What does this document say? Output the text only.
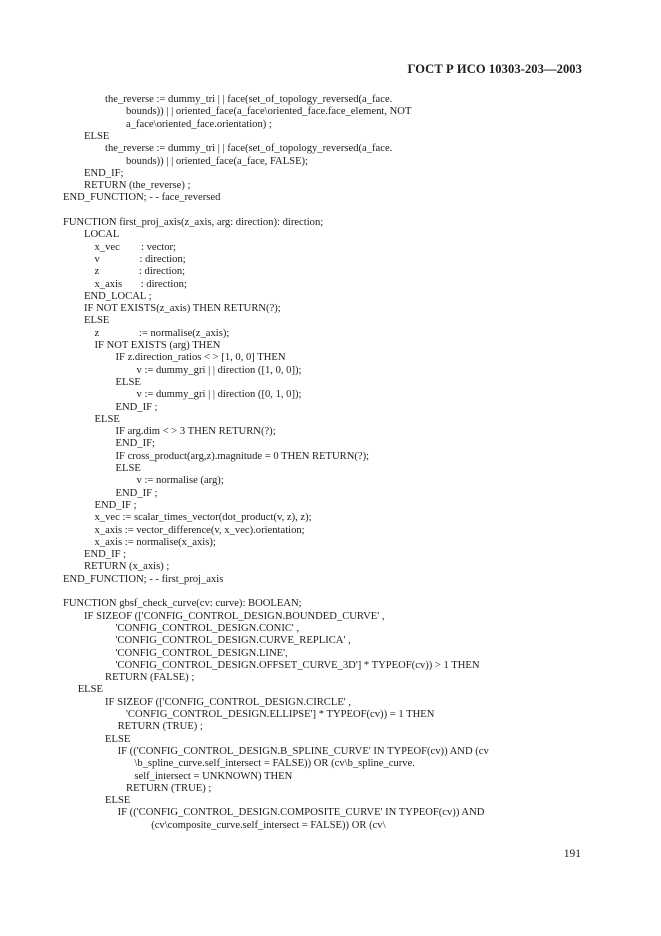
ГОСТ Р ИСО 10303-203—2003
the_reverse := dummy_tri | | face(set_of_topology_reversed(a_face.
bounds)) | | oriented_face(a_face\oriented_face.face_element, NOT
a_face\oriented_face.orientation) ;
ELSE
the_reverse := dummy_tri | | face(set_of_topology_reversed(a_face.
bounds)) | | oriented_face(a_face, FALSE);
END_IF;
RETURN (the_reverse) ;
END_FUNCTION; - - face_reversed
FUNCTION first_proj_axis(z_axis, arg: direction): direction;
LOCAL
x_vec        : vector;
v               : direction;
z               : direction;
x_axis       : direction;
END_LOCAL ;
IF NOT EXISTS(z_axis) THEN RETURN(?);
ELSE
z               := normalise(z_axis);
IF NOT EXISTS (arg) THEN
IF z.direction_ratios < > [1, 0, 0] THEN
v := dummy_gri | | direction ([1, 0, 0]);
ELSE
v := dummy_gri | | direction ([0, 1, 0]);
END_IF ;
ELSE
IF arg.dim < > 3 THEN RETURN(?);
END_IF;
IF cross_product(arg,z).magnitude = 0 THEN RETURN(?);
ELSE
v := normalise (arg);
END_IF ;
END_IF ;
x_vec := scalar_times_vector(dot_product(v, z), z);
x_axis := vector_difference(v, x_vec).orientation;
x_axis := normalise(x_axis);
END_IF ;
RETURN (x_axis) ;
END_FUNCTION; - - first_proj_axis
FUNCTION gbsf_check_curve(cv: curve): BOOLEAN;
IF SIZEOF (['CONFIG_CONTROL_DESIGN.BOUNDED_CURVE' ,
'CONFIG_CONTROL_DESIGN.CONIC' ,
'CONFIG_CONTROL_DESIGN.CURVE_REPLICA' ,
'CONFIG_CONTROL_DESIGN.LINE',
'CONFIG_CONTROL_DESIGN.OFFSET_CURVE_3D'] * TYPEOF(cv)) > 1 THEN
RETURN (FALSE) ;
ELSE
IF SIZEOF (['CONFIG_CONTROL_DESIGN.CIRCLE' ,
'CONFIG_CONTROL_DESIGN.ELLIPSE'] * TYPEOF(cv)) = 1 THEN
RETURN (TRUE) ;
ELSE
IF (('CONFIG_CONTROL_DESIGN.B_SPLINE_CURVE' IN TYPEOF(cv)) AND (cv
\b_spline_curve.self_intersect = FALSE)) OR (cv\b_spline_curve.
self_intersect = UNKNOWN) THEN
RETURN (TRUE) ;
ELSE
IF (('CONFIG_CONTROL_DESIGN.COMPOSITE_CURVE' IN TYPEOF(cv)) AND
(cv\composite_curve.self_intersect = FALSE)) OR (cv\
191
